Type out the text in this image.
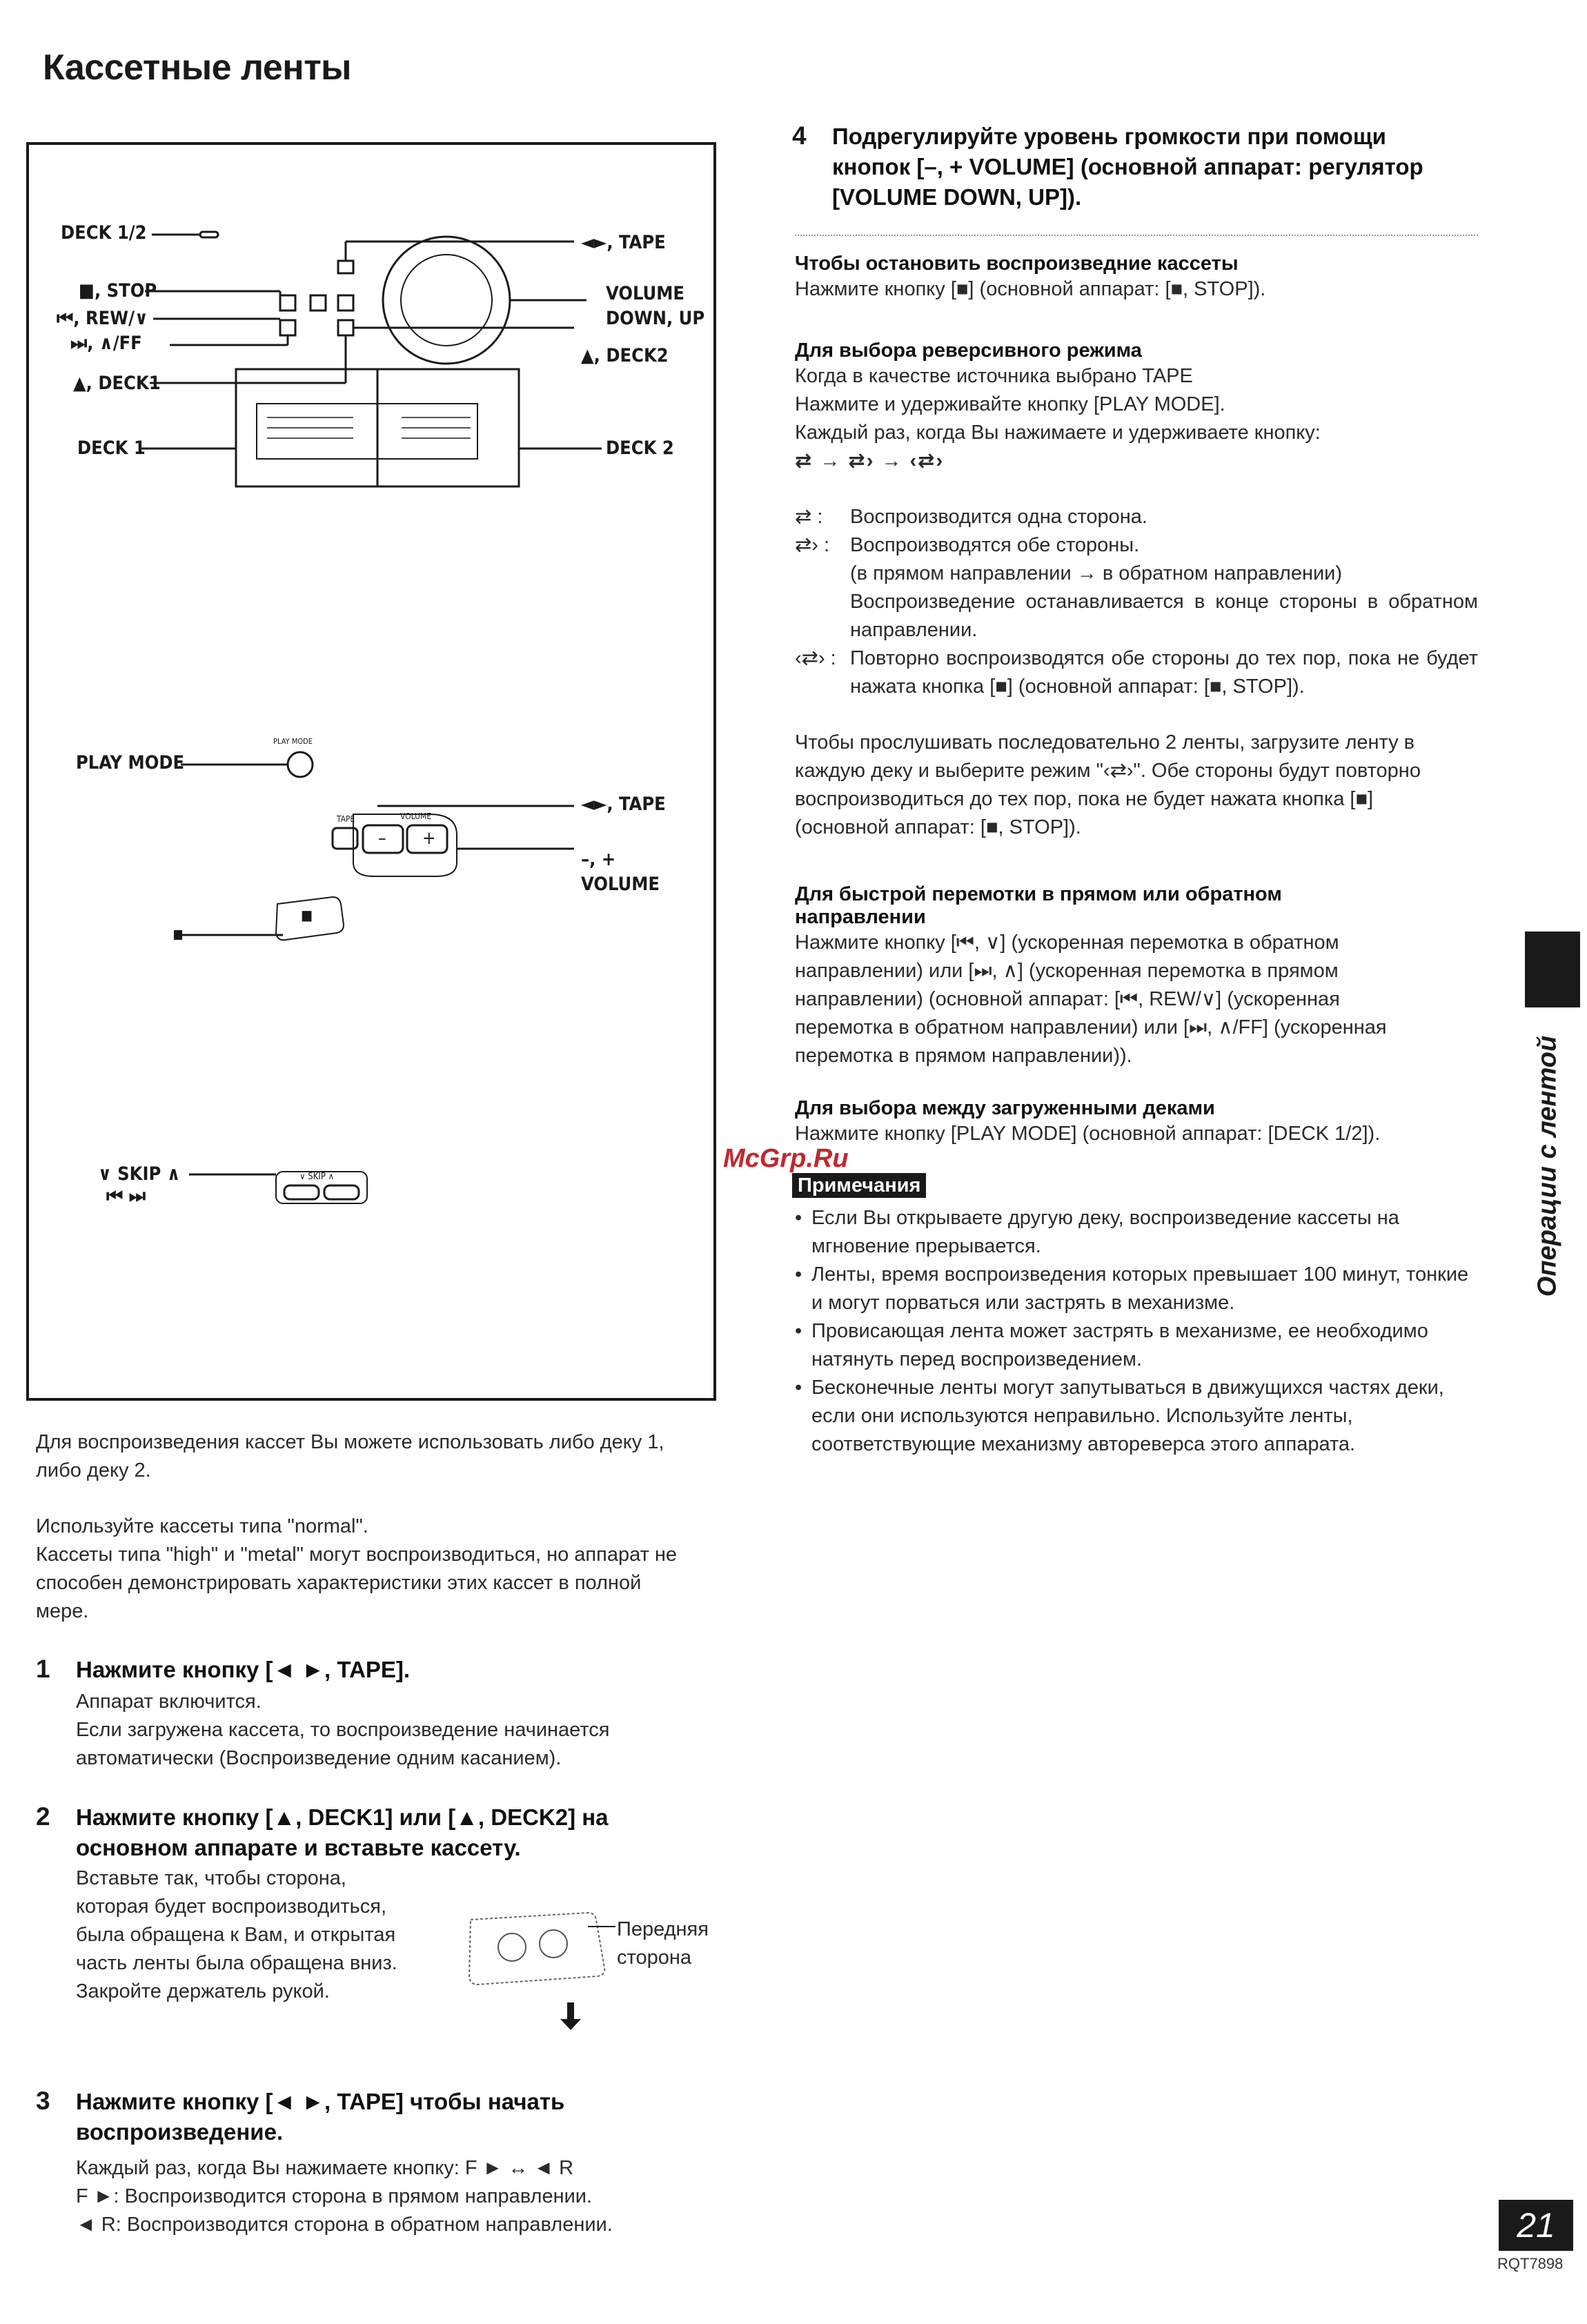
Кассетные ленты
DECK 1/2
■, STOP
⏮, REW/∨
⏭, ∧/FF
▲, DECK1
DECK 1
◄►, TAPE
VOLUME
DOWN, UP
▲, DECK2
DECK 2
PLAY MODE
PLAY MODE
◄►, TAPE
–, +
VOLUME
TAPE	VOLUME
– +
■
∨ SKIP ∧
⏮ ⏭
∨ SKIP ∧

Для воспроизведения кассет Вы можете использовать либо деку 1, либо деку 2.

Используйте кассеты типа "normal".

Кассеты типа "high" и "metal" могут воспроизводиться, но аппарат не способен демонстрировать характеристики этих кассет в полной мере.

1 Нажмите кнопку [◄ ►, TAPE].
Аппарат включится.
Если загружена кассета, то воспроизведение начинается автоматически (Воспроизведение одним касанием).
2 Нажмите кнопку [▲, DECK1] или [▲, DECK2] на основном аппарате и вставьте кассету.
Вставьте так, чтобы сторона, которая будет воспроизводиться, была обращена к Вам, и открытая часть ленты была обращена вниз.
Закройте держатель рукой.
Передняя сторона
3 Нажмите кнопку [◄ ►, TAPE] чтобы начать воспроизведение.
Каждый раз, когда Вы нажимаете кнопку: F ► ↔ ◄ R
F ►: Воспроизводится сторона в прямом направлении.
◄ R: Воспроизводится сторона в обратном направлении.
4 Подрегулируйте уровень громкости при помощи кнопок [–, + VOLUME] (основной аппарат: регулятор [VOLUME DOWN, UP]).
Чтобы остановить воспроизведние кассеты
Нажмите кнопку [■] (основной аппарат: [■, STOP]).
Для выбора реверсивного режима
Когда в качестве источника выбрано TAPE
Нажмите и удерживайте кнопку [PLAY MODE].
Каждый раз, когда Вы нажимаете и удерживаете кнопку:
⇄ → ⇄› → ‹⇄›
⇄ : Воспроизводится одна сторона.
⇄› : Воспроизводятся обе стороны.
(в прямом направлении → в обратном направлении)
Воспроизведение останавливается в конце стороны в обратном направлении.
‹⇄› : Повторно воспроизводятся обе стороны до тех пор, пока не будет нажата кнопка [■] (основной аппарат: [■, STOP]).
Чтобы прослушивать последовательно 2 ленты, загрузите ленту в каждую деку и выберите режим "‹⇄›". Обе стороны будут повторно воспроизводиться до тех пор, пока не будет нажата кнопка [■] (основной аппарат: [■, STOP]).
Для быстрой перемотки в прямом или обратном направлении
Нажмите кнопку [⏮, ∨] (ускоренная перемотка в обратном направлении) или [⏭, ∧] (ускоренная перемотка в прямом направлении) (основной аппарат: [⏮, REW/∨] (ускоренная перемотка в обратном направлении) или [⏭, ∧/FF] (ускоренная перемотка в прямом направлении)).
Для выбора между загруженными деками
Нажмите кнопку [PLAY MODE] (основной аппарат: [DECK 1/2]).
McGrp.Ru
Примечания
• Если Вы открываете другую деку, воспроизведение кассеты на мгновение прерывается.
• Ленты, время воспроизведения которых превышает 100 минут, тонкие и могут порваться или застрять в механизме.
• Провисающая лента может застрять в механизме, ее необходимо натянуть перед воспроизведением.
• Бесконечные ленты могут запутываться в движущихся частях деки, если они используются неправильно. Используйте ленты, соответствующие механизму автореверса этого аппарата.
Операции с лентой
21
RQT7898
